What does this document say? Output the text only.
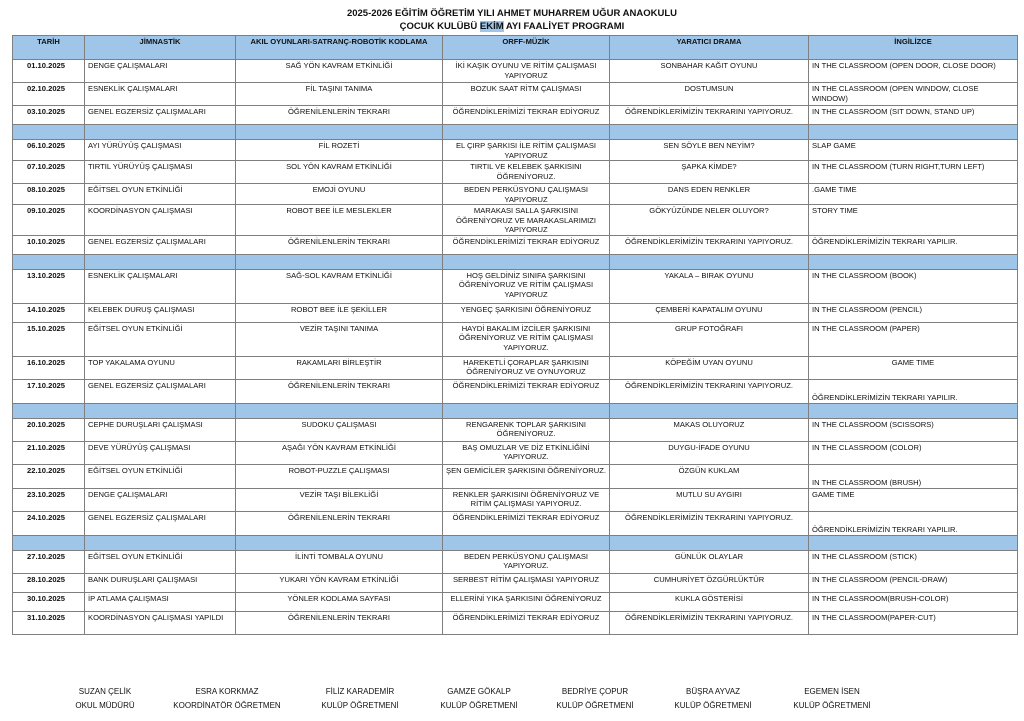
2025-2026 EĞİTİM ÖĞRETİM YILI AHMET MUHARREM UĞUR ANAOKULU
ÇOCUK KULÜBÜ EKİM AYI FAALİYET PROGRAMI
TARİH	JİMNASTİK	AKIL OYUNLARI-SATRANÇ-ROBOTİK KODLAMA	ORFF-MÜZİK	YARATICI DRAMA	İNGİLİZCE
01.10.2025	DENGE ÇALIŞMALARI	SAĞ YÖN KAVRAM ETKİNLİĞİ	İKİ KAŞIK OYUNU VE RİTİM ÇALIŞMASI YAPIYORUZ	SONBAHAR KAĞIT OYUNU	IN THE CLASSROOM (OPEN DOOR, CLOSE DOOR)
02.10.2025	ESNEKLİK ÇALIŞMALARI	FİL TAŞINI TANIMA	BOZUK SAAT RİTM ÇALIŞMASI	DOSTUMSUN	IN THE CLASSROOM (OPEN WINDOW, CLOSE WINDOW)
03.10.2025	GENEL EGZERSİZ ÇALIŞMALARI	ÖĞRENİLENLERİN TEKRARI	ÖĞRENDİKLERİMİZİ TEKRAR EDİYORUZ	ÖĞRENDİKLERİMİZİN TEKRARINI YAPIYORUZ.	IN THE CLASSROOM (SIT DOWN, STAND UP)

06.10.2025	AYI YÜRÜYÜŞ ÇALIŞMASI	FİL ROZETİ	EL ÇIRP ŞARKISI İLE RİTİM ÇALIŞMASI YAPIYORUZ	SEN SÖYLE BEN NEYİM?	SLAP GAME
07.10.2025	TIRTIL YÜRÜYÜŞ ÇALIŞMASI	SOL YÖN KAVRAM ETKİNLİĞİ	TIRTIL VE KELEBEK ŞARKISINI ÖĞRENİYORUZ.	ŞAPKA KİMDE?	IN THE CLASSROOM (TURN RIGHT,TURN LEFT)
08.10.2025	EĞİTSEL OYUN ETKİNLİĞİ	EMOJİ OYUNU	BEDEN PERKÜSYONU ÇALIŞMASI YAPIYORUZ	DANS EDEN RENKLER	.GAME TIME
09.10.2025	KOORDİNASYON ÇALIŞMASI	ROBOT BEE İLE MESLEKLER	MARAKASI SALLA ŞARKISINI ÖĞRENİYORUZ VE MARAKASLARIMIZI YAPIYORUZ	GÖKYÜZÜNDE NELER OLUYOR?	STORY TIME
10.10.2025	GENEL EGZERSİZ ÇALIŞMALARI	ÖĞRENİLENLERİN TEKRARI	ÖĞRENDİKLERİMİZİ TEKRAR EDİYORUZ	ÖĞRENDİKLERİMİZİN TEKRARINI YAPIYORUZ.	ÖĞRENDİKLERİMİZİN TEKRARI YAPILIR.

13.10.2025	ESNEKLİK ÇALIŞMALARI	SAĞ-SOL KAVRAM ETKİNLİĞİ	HOŞ GELDİNİZ SINIFA ŞARKISINI ÖĞRENİYORUZ VE RİTİM ÇALIŞMASI YAPIYORUZ	YAKALA – BIRAK OYUNU	IN THE CLASSROOM (BOOK)
14.10.2025	KELEBEK DURUŞ ÇALIŞMASI	ROBOT BEE İLE ŞEKİLLER	YENGEÇ ŞARKISINI ÖĞRENİYORUZ	ÇEMBERİ KAPATALIM OYUNU	IN THE CLASSROOM (PENCIL)
15.10.2025	EĞİTSEL OYUN ETKİNLİĞİ	VEZİR TAŞINI TANIMA	HAYDİ BAKALIM İZCİLER ŞARKISINI ÖĞRENİYORUZ VE RİTİM ÇALIŞMASI YAPIYORUZ.	GRUP FOTOĞRAFI	IN THE CLASSROOM (PAPER)
16.10.2025	TOP YAKALAMA OYUNU	RAKAMLARI BİRLEŞTİR	HAREKETLİ ÇORAPLAR ŞARKISINI ÖĞRENİYORUZ VE OYNUYORUZ	KÖPEĞİM UYAN OYUNU	GAME TIME
17.10.2025	GENEL EGZERSİZ ÇALIŞMALARI	ÖĞRENİLENLERİN TEKRARI	ÖĞRENDİKLERİMİZİ TEKRAR EDİYORUZ	ÖĞRENDİKLERİMİZİN TEKRARINI YAPIYORUZ.	ÖĞRENDİKLERİMİZİN TEKRARI YAPILIR.

20.10.2025	CEPHE DURUŞLARI ÇALIŞMASI	SUDOKU ÇALIŞMASI	RENGARENK TOPLAR ŞARKISINI ÖĞRENİYORUZ.	MAKAS OLUYORUZ	IN THE CLASSROOM (SCISSORS)
21.10.2025	DEVE YÜRÜYÜŞ ÇALIŞMASI	AŞAĞI YÖN KAVRAM ETKİNLİĞİ	BAŞ OMUZLAR VE DİZ ETKİNLİĞİNİ YAPIYORUZ.	DUYGU-İFADE OYUNU	IN THE CLASSROOM (COLOR)
22.10.2025	EĞİTSEL OYUN ETKİNLİĞİ	ROBOT-PUZZLE ÇALIŞMASI	ŞEN GEMİCİLER ŞARKISINI ÖĞRENİYORUZ.	ÖZGÜN KUKLAM	IN THE CLASSROOM (BRUSH)
23.10.2025	DENGE ÇALIŞMALARI	VEZİR TAŞI BİLEKLİĞİ	RENKLER ŞARKISINI ÖĞRENİYORUZ VE RİTİM ÇALIŞMASI YAPIYORUZ.	MUTLU SU AYGIRI	GAME TIME
24.10.2025	GENEL EGZERSİZ ÇALIŞMALARI	ÖĞRENİLENLERİN TEKRARI	ÖĞRENDİKLERİMİZİ TEKRAR EDİYORUZ	ÖĞRENDİKLERİMİZİN TEKRARINI YAPIYORUZ.	ÖĞRENDİKLERİMİZİN TEKRARI YAPILIR.

27.10.2025	EĞİTSEL OYUN ETKİNLİĞİ	İLİNTİ TOMBALA OYUNU	BEDEN PERKÜSYONU ÇALIŞMASI YAPIYORUZ.	GÜNLÜK OLAYLAR	IN THE CLASSROOM (STICK)
28.10.2025	BANK DURUŞLARI ÇALIŞMASI	YUKARI YÖN KAVRAM ETKİNLİĞİ	SERBEST RİTİM ÇALIŞMASI YAPIYORUZ	CUMHURİYET ÖZGÜRLÜKTÜR	IN THE CLASSROOM (PENCIL-DRAW)
30.10.2025	İP ATLAMA ÇALIŞMASI	YÖNLER KODLAMA SAYFASI	ELLERİNİ YIKA ŞARKISINI ÖĞRENİYORUZ	KUKLA GÖSTERİSİ	IN THE CLASSROOM(BRUSH-COLOR)
31.10.2025	KOORDİNASYON ÇALIŞMASI YAPILDI	ÖĞRENİLENLERİN TEKRARI	ÖĞRENDİKLERİMİZİ TEKRAR EDİYORUZ	ÖĞRENDİKLERİMİZİN TEKRARINI YAPIYORUZ.	IN THE CLASSROOM(PAPER-CUT)
SUZAN ÇELİK
OKUL MÜDÜRÜ
ESRA KORKMAZ
KOORDİNATÖR ÖĞRETMEN
FİLİZ KARADEMİR
KULÜP ÖĞRETMENİ
GAMZE GÖKALP
KULÜP ÖĞRETMENİ
BEDRİYE ÇOPUR
KULÜP ÖĞRETMENİ
BÜŞRA AYVAZ
KULÜP ÖĞRETMENİ
EGEMEN İSEN
KULÜP ÖĞRETMENİ
